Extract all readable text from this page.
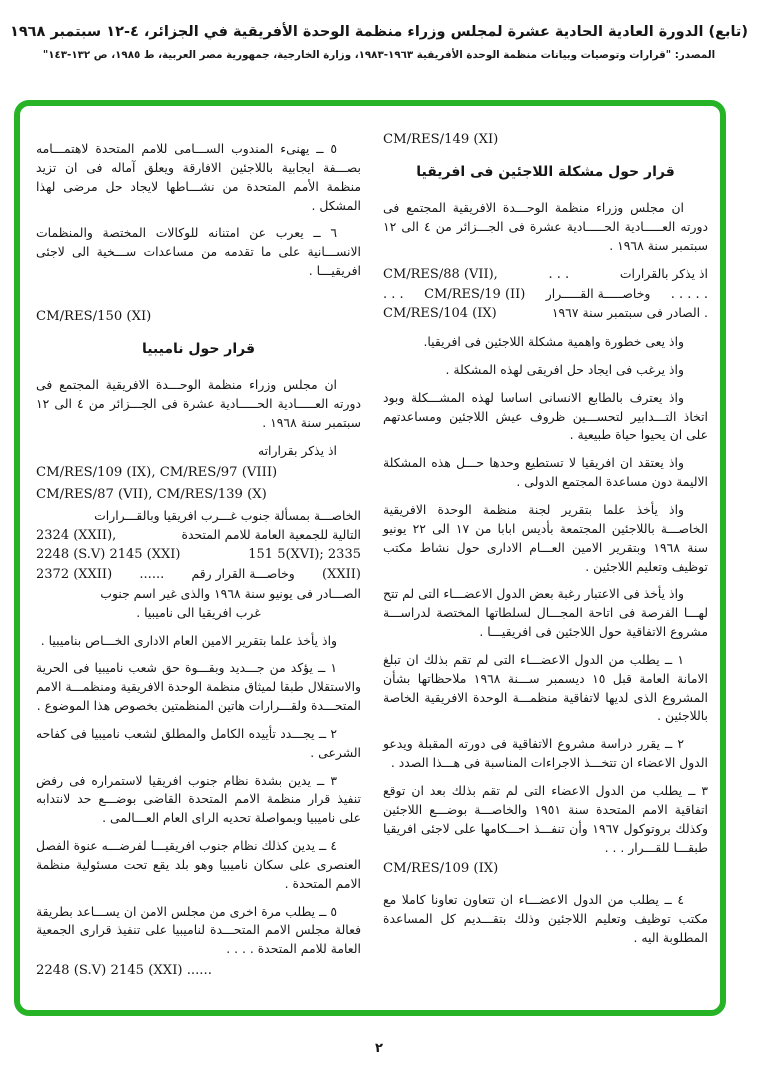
(تابع) الدورة العادية الحادية عشرة لمجلس وزراء منظمة الوحدة الأفريقية في الجزائر، ٤-١٢ سبتمبر ١٩٦٨
المصدر: "قرارات وتوصيات وبيانات منظمة الوحدة الأفريقية ١٩٦٣-١٩٨٣، وزارة الخارجية، جمهورية مصر العربية، ط ١٩٨٥، ص ١٣٢-١٤٣"
CM/RES/149 (XI)
قرار حول مشكلة اللاجئين فى افريقيا

ان مجلس وزراء منظمة الوحـــدة الافريقية المجتمع فى دورته العـــــادية الحـــــادية عشرة فى الجـــزائر من ٤ الى ١٢ سبتمبر سنة ١٩٦٨ .

CM/RES/88 (VII),	. . .	اذ يذكر بالقرارات
. . . CM/RES/19 (II) وخاصـــــة القـــــرار . . . . .
CM/RES/104 (IX)	الصادر فى سبتمبر سنة ١٩٦٧ .

واذ يعى خطورة واهمية مشكلة اللاجئين فى افريقيا.

واذ يرغب فى ايجاد حل افريقى لهذه المشكلة .

واذ يعترف بالطابع الانسانى اساسا لهذه المشـــكلة وبود اتخاذ التـــدابير لتحســـين ظروف عيش اللاجئين ومساعدتهم على ان يحيوا حياة طبيعية .

واذ يعتقد ان افريقيا لا تستطيع وحدها حـــل هذه المشكلة الاليمة دون مساعدة المجتمع الدولى .

واذ يأخذ علما بتقرير لجنة منظمة الوحدة الافريقية الخاصـــة باللاجئين المجتمعة بأديس ابابا من ١٧ الى ٢٢ يونيو سنة ١٩٦٨ وبتقرير الامين العـــام الادارى حول نشاط مكتب توظيف وتعليم اللاجئين .

واذ يأخذ فى الاعتبار رغبة بعض الدول الاعضـــاء التى لم تتح لهـــا الفرصة فى اتاحة المجـــال لسلطاتها المختصة لدراســـة مشروع الاتفاقية حول اللاجئين فى افريقيـــا .

١ ــ يطلب من الدول الاعضـــاء التى لم تقم بذلك ان تبلغ الامانة العامة قبل ١٥ ديسمبر ســـنة ١٩٦٨ ملاحظاتها بشأن المشروع الذى لديها لاتفاقية منظمـــة الوحدة الافريقية الخاصة باللاجئين .

٢ ــ يقرر دراسة مشروع الاتفاقية فى دورته المقبلة ويدعو الدول الاعضاء ان تتخـــذ الاجراءات المناسبة فى هـــذا الصدد .

٣ ــ يطلب من الدول الاعضاء التى لم تقم بذلك بعد ان توقع اتفاقية الامم المتحدة سنة ١٩٥١ والخاصـــة بوضـــع اللاجئين وكذلك بروتوكول ١٩٦٧ وأن تنفـــذ احـــكامها على لاجئى افريقيا طبقـــا للقـــرار . . .

CM/RES/109 (IX)

٤ ــ يطلب من الدول الاعضـــاء ان تتعاون تعاونا كاملا مع مكتب توظيف وتعليم اللاجئين وذلك بتقـــديم كل المساعدة المطلوبة اليه .

٥ ــ يهنىء المندوب الســـامى للامم المتحدة لاهتمـــامه بصـــفة ايجابية باللاجئين الافارقة ويعلق آماله فى ان تزيد منظمة الأمم المتحدة من نشـــاطها لايجاد حل مرضى لهذا المشكل .

٦ ــ يعرب عن امتنانه للوكالات المختصة والمنظمات الانســـانية على ما تقدمه من مساعدات ســـخية الى لاجئى افريقيـــا .

CM/RES/150 (XI)
قرار حول ناميبيا

ان مجلس وزراء منظمة الوحـــدة الافريقية المجتمع فى دورته العـــــادية الحـــــادية عشرة فى الجـــزائر من ٤ الى ١٢ سبتمبر سنة ١٩٦٨ .

اذ يذكر بقراراته

CM/RES/109 (IX), CM/RES/97 (VIII)
CM/RES/87 (VII), CM/RES/139 (X)
الخاصـــة بمسألة جنوب غـــرب افريقيا وبالقـــرارات
2324 (XXII),	التالية للجمعية العامة للامم المتحدة
2248 (S.V) 2145 (XXI)	151 5(XVI); 2335
2372 (XXII) ...... وخاصـــة القرار رقم (XXII)
الصـــادر فى يونيو سنة ١٩٦٨ والذى غير اسم جنوب
غرب افريقيا الى ناميبيا .

واذ يأخذ علما بتقرير الامين العام الادارى الخـــاص بناميبيا .

١ ــ يؤكد من جـــديد وبقـــوة حق شعب ناميبيا فى الحرية والاستقلال طبقا لميثاق منظمة الوحدة الافريقية ومنظمـــة الامم المتحـــدة ولقـــرارات هاتين المنظمتين بخصوص هذا الموضوع .

٢ ــ يجـــدد تأييده الكامل والمطلق لشعب ناميبيا فى كفاحه الشرعى .

٣ ــ يدين بشدة نظام جنوب افريقيا لاستمراره فى رفض تنفيذ قرار منظمة الامم المتحدة القاضى بوضـــع حد لانتدابه على ناميبيا وبمواصلة تحديه الراى العام العـــالمى .

٤ ــ يدين كذلك نظام جنوب افريقيـــا لفرضـــه عنوة الفصل العنصرى على سكان ناميبيا وهو بلد يقع تحت مسئولية منظمة الامم المتحدة .

٥ ــ يطلب مرة اخرى من مجلس الامن ان يســـاعد بطريقة فعالة مجلس الامم المتحـــدة لناميبيا على تنفيذ قرارى الجمعية العامة للامم المتحدة . . . .

2248 (S.V) 2145 (XXI) ......
٢
